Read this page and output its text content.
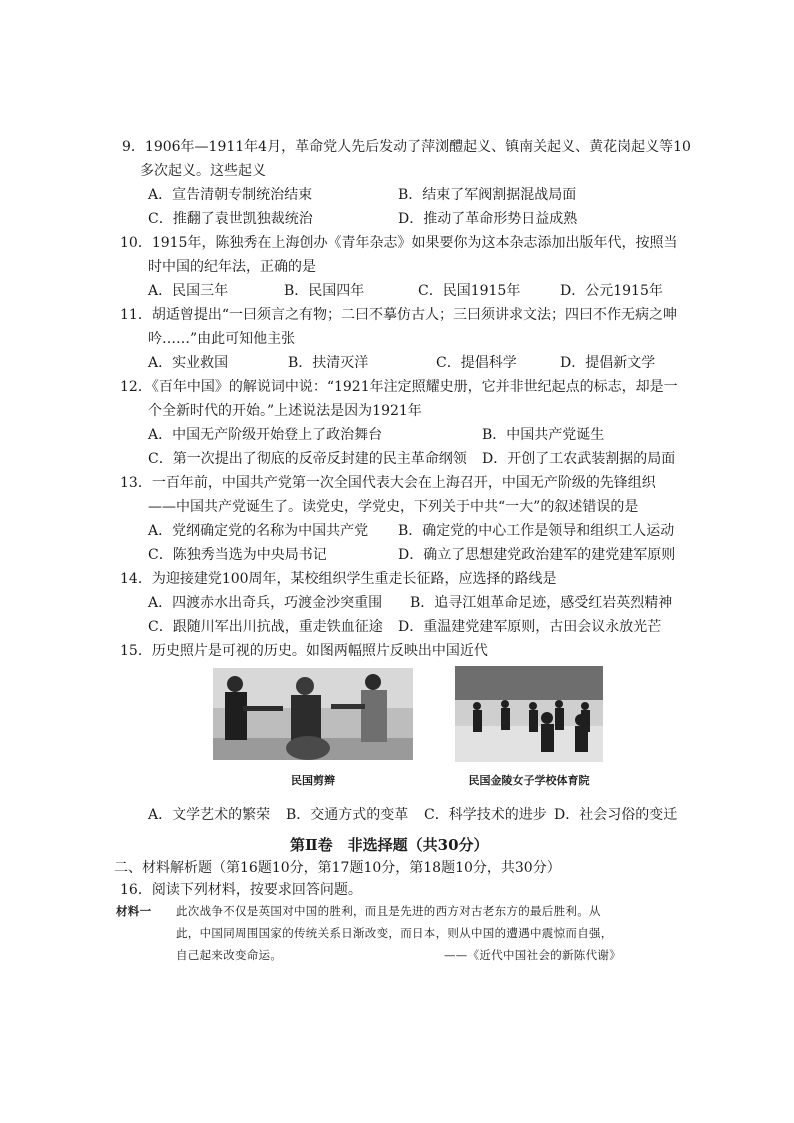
9．1906年—1911年4月，革命党人先后发动了萍浏醴起义、镇南关起义、黄花岗起义等10
多次起义。这些起义
A．宣告清朝专制统治结束	B．结束了军阀割据混战局面
C．推翻了袁世凯独裁统治	D．推动了革命形势日益成熟
10．1915年，陈独秀在上海创办《青年杂志》如果要你为这本杂志添加出版年代，按照当
时中国的纪年法，正确的是
A．民国三年	B．民国四年	C．民国1915年	D．公元1915年
11．胡适曾提出“一曰须言之有物；二曰不摹仿古人；三曰须讲求文法；四曰不作无病之呻
吟……”由此可知他主张
A．实业救国	B．扶清灭洋	C．提倡科学	D．提倡新文学
12．《百年中国》的解说词中说：“1921年注定照耀史册，它并非世纪起点的标志，却是一
个全新时代的开始。”上述说法是因为1921年
A．中国无产阶级开始登上了政治舞台	B．中国共产党诞生
C．第一次提出了彻底的反帝反封建的民主革命纲领 D．开创了工农武装割据的局面
13．一百年前，中国共产党第一次全国代表大会在上海召开，中国无产阶级的先锋组织
——中国共产党诞生了。读党史，学党史，下列关于中共“一大”的叙述错误的是
A．党纲确定党的名称为中国共产党 B．确定党的中心工作是领导和组织工人运动
C．陈独秀当选为中央局书记	D．确立了思想建党政治建军的建党建军原则
14．为迎接建党100周年，某校组织学生重走长征路，应选择的路线是
A．四渡赤水出奇兵，巧渡金沙突重围 B．追寻江姐革命足迹，感受红岩英烈精神
C．跟随川军出川抗战，重走铁血征途 D．重温建党建军原则，古田会议永放光芒
15．历史照片是可视的历史。如图两幅照片反映出中国近代
民国剪辫	民国金陵女子学校体育院
A．文学艺术的繁荣 B．交通方式的变革 C．科学技术的进步 D．社会习俗的变迁
第Ⅱ卷　非选择题（共30分）
二、材料解析题（第16题10分，第17题10分，第18题10分，共30分）
16．阅读下列材料，按要求回答问题。
材料一 此次战争不仅是英国对中国的胜利，而且是先进的西方对古老东方的最后胜利。从
此，中国同周围国家的传统关系日渐改变，而日本，则从中国的遭遇中震惊而自强，
自己起来改变命运。	——《近代中国社会的新陈代谢》
